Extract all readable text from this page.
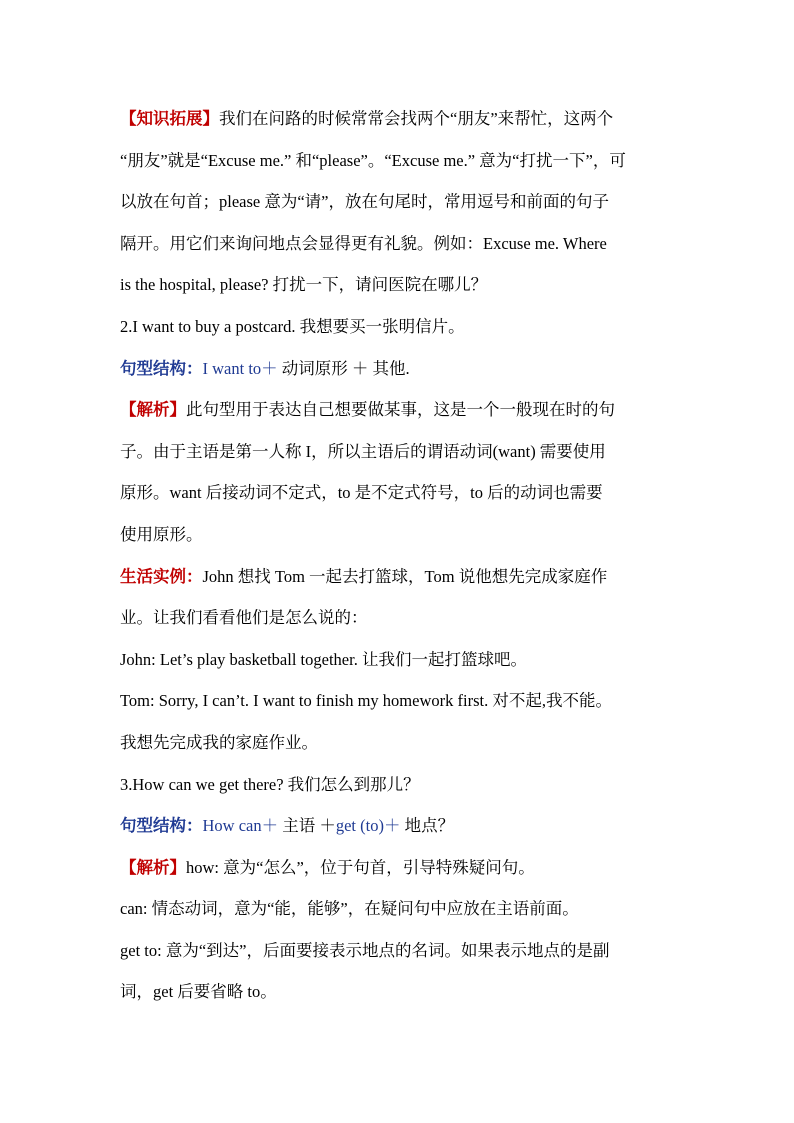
【知识拓展】我们在问路的时候常常会找两个“朋友”来帮忙，这两个
“朋友”就是“Excuse me.” 和“please”。“Excuse me.” 意为“打扰一下”，可
以放在句首；please 意为“请”，放在句尾时，常用逗号和前面的句子
隔开。用它们来询问地点会显得更有礼貌。例如：Excuse me. Where
is the hospital, please? 打扰一下，请问医院在哪儿？
2.I want to buy a postcard. 我想要买一张明信片。
句型结构：I want to＋ 动词原形 ＋ 其他.
【解析】此句型用于表达自己想要做某事，这是一个一般现在时的句
子。由于主语是第一人称 I，所以主语后的谓语动词(want) 需要使用
原形。want 后接动词不定式，to 是不定式符号，to 后的动词也需要
使用原形。
生活实例：John 想找 Tom 一起去打篮球，Tom 说他想先完成家庭作
业。让我们看看他们是怎么说的：
John: Let’s play basketball together. 让我们一起打篮球吧。
Tom: Sorry, I can’t. I want to finish my homework first. 对不起,我不能。
我想先完成我的家庭作业。
3.How can we get there? 我们怎么到那儿？
句型结构：How can＋ 主语 ＋get (to)＋ 地点？
【解析】how: 意为“怎么”，位于句首，引导特殊疑问句。
can: 情态动词，意为“能，能够”，在疑问句中应放在主语前面。
get to: 意为“到达”，后面要接表示地点的名词。如果表示地点的是副
词，get 后要省略 to。
